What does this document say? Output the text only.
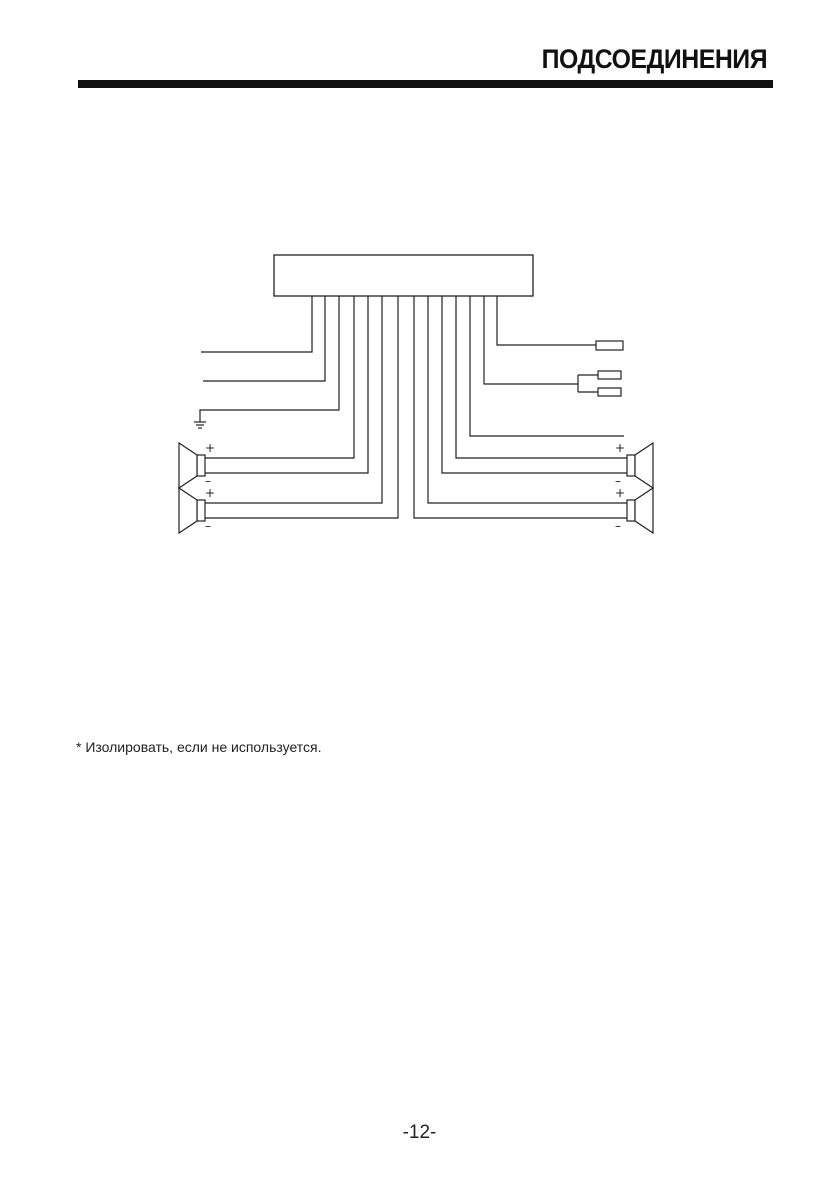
ПОДСОЕДИНЕНИЯ
+
–
+
–
+
–
+
–
* Изолировать, если не используется.
-12-
